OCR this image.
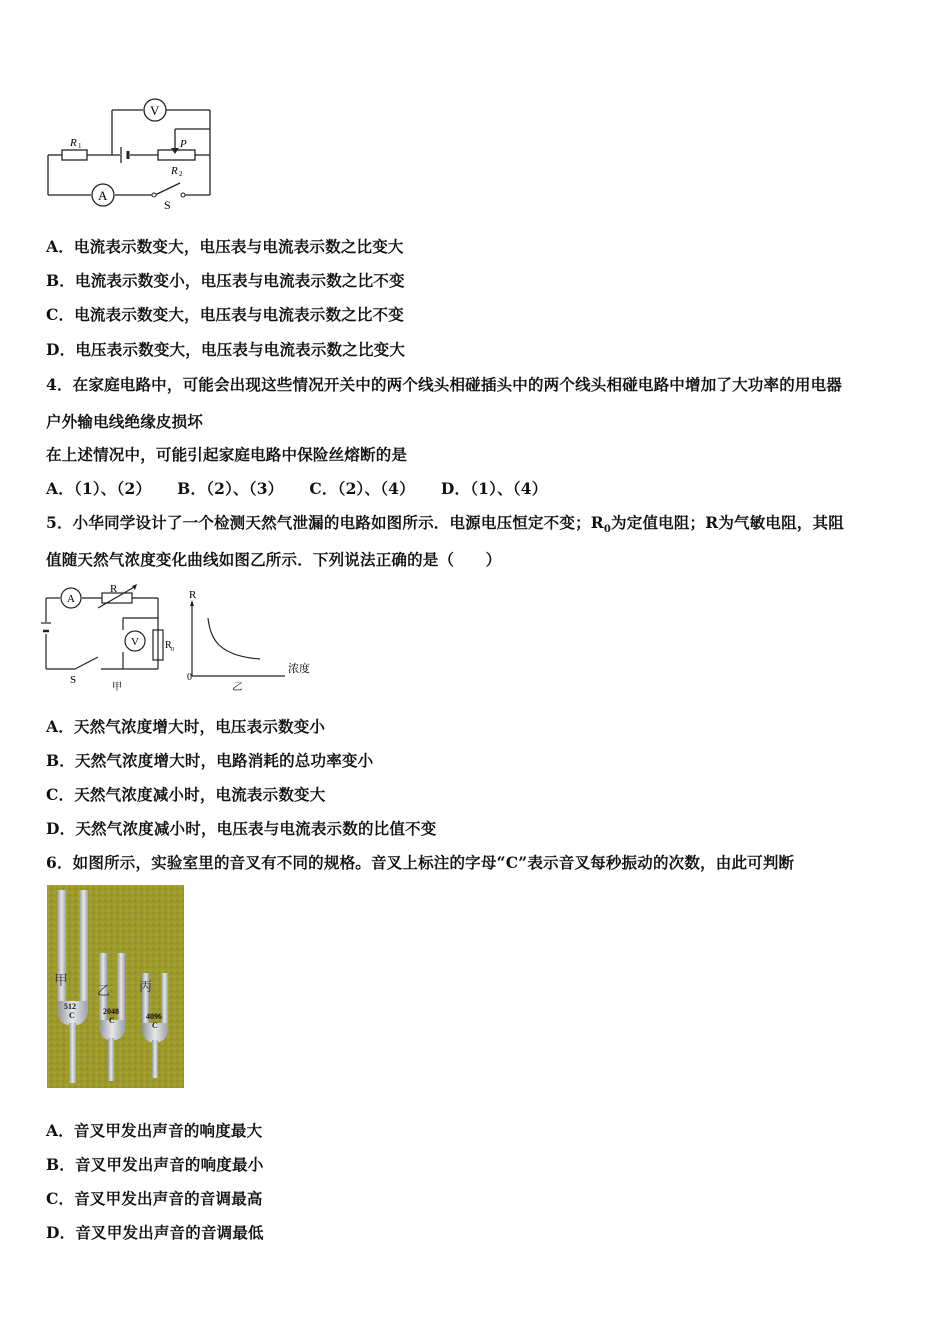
V
A
R 1	P
R 2
S
A．电流表示数变大，电压表与电流表示数之比变大
B．电流表示数变小，电压表与电流表示数之比不变
C．电流表示数变大，电压表与电流表示数之比不变
D．电压表示数变大，电压表与电流表示数之比变大
4．在家庭电路中，可能会出现这些情况开关中的两个线头相碰插头中的两个线头相碰电路中增加了大功率的用电器
户外输电线绝缘皮损坏
在上述情况中，可能引起家庭电路中保险丝熔断的是
A．（1）、（2） B．（2）、（3） C．（2）、（4） D．（1）、（4）
5．小华同学设计了一个检测天然气泄漏的电路如图所示．电源电压恒定不变；$R_0$为定值电阻；R为气敏电阻，其阻
值随天然气浓度变化曲线如图乙所示．下列说法正确的是（　　）
A
V
R
R 0
S
甲
R
浓度
0
乙
A．天然气浓度增大时，电压表示数变小
B．天然气浓度增大时，电路消耗的总功率变小
C．天然气浓度减小时，电流表示数变大
D．天然气浓度减小时，电压表与电流表示数的比值不变
6．如图所示，实验室里的音叉有不同的规格。音叉上标注的字母“C”表示音叉每秒振动的次数，由此可判断
甲
乙 丙
512
C	2048
C	4096
C
A．音叉甲发出声音的响度最大
B．音叉甲发出声音的响度最小
C．音叉甲发出声音的音调最高
D．音叉甲发出声音的音调最低
